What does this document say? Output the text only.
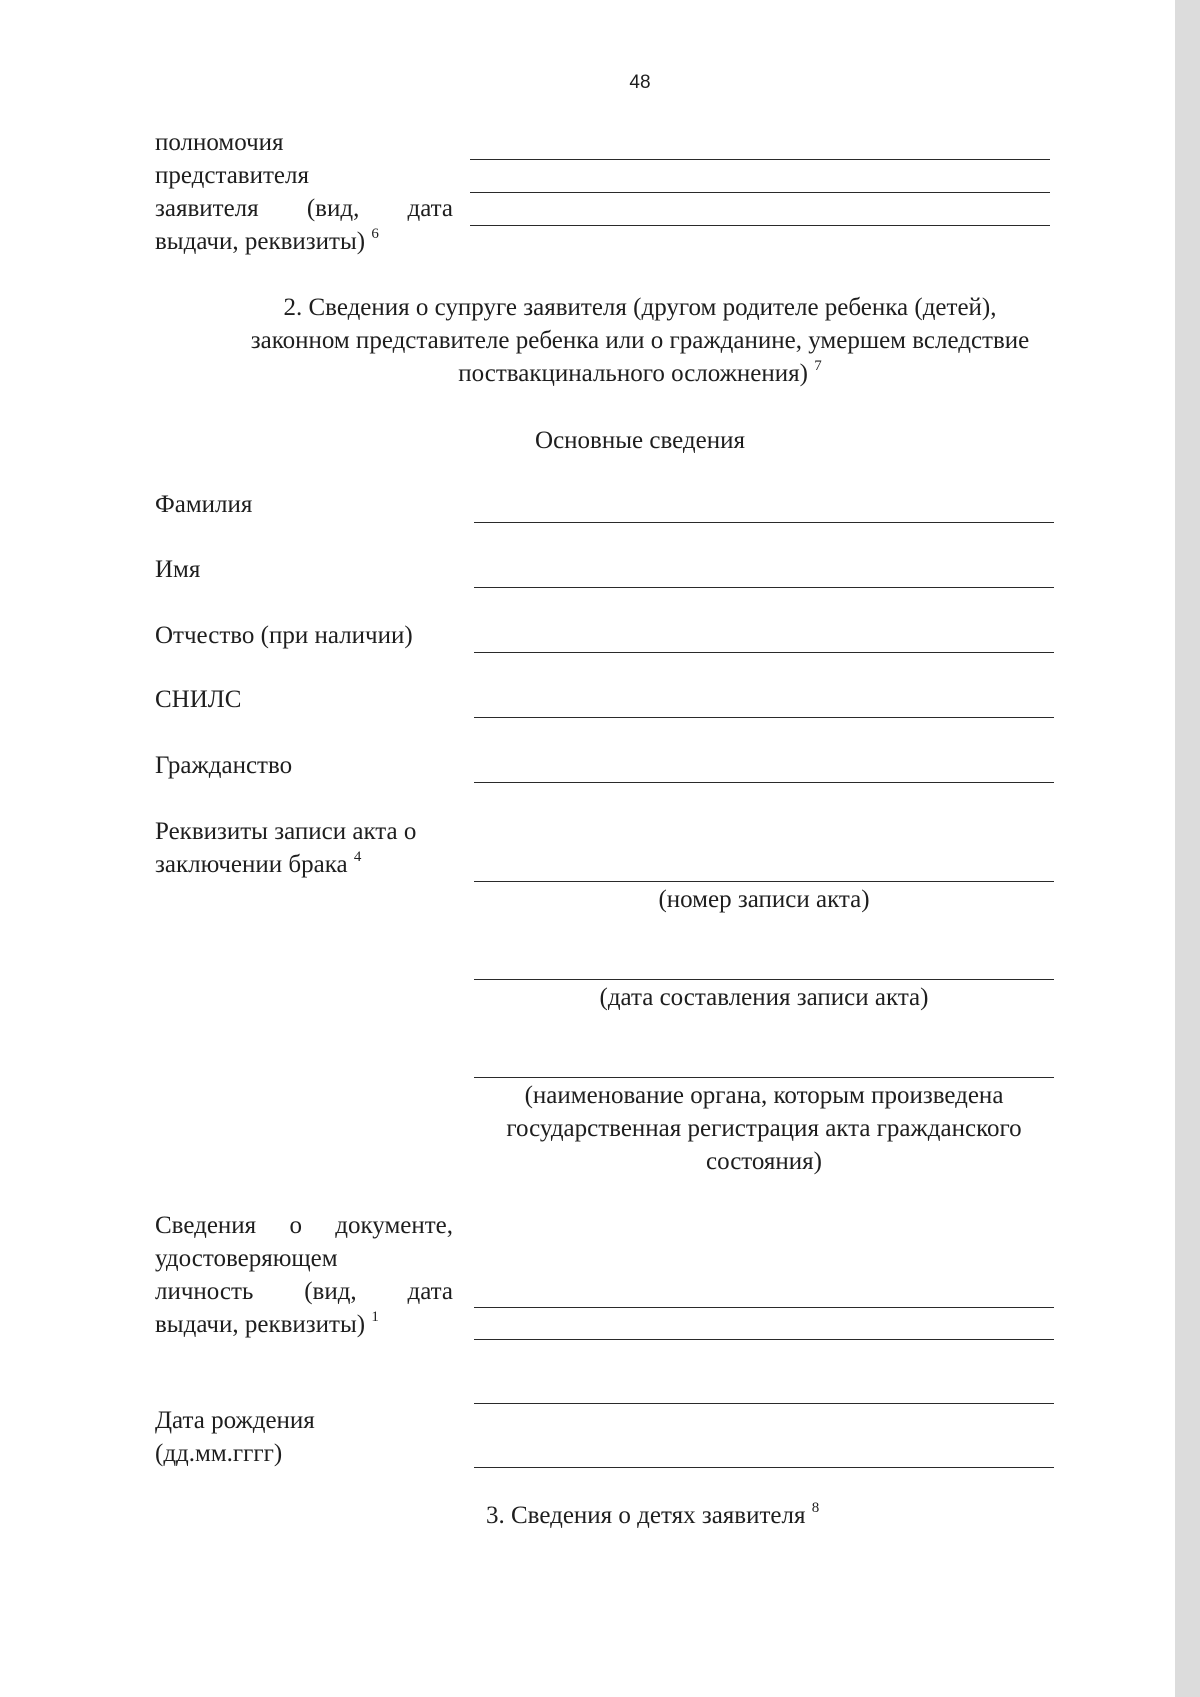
48
полномочия
представителя
заявителя (вид, дата
выдачи, реквизиты) $^6$
2. Сведения о супруге заявителя (другом родителе ребенка (детей),
законном представителе ребенка или о гражданине, умершем вследствие
поствакцинального осложнения) $^7$
Основные сведения
Фамилия
Имя
Отчество (при наличии)
СНИЛС
Гражданство
Реквизиты записи акта о
заключении брака $^4$
(номер записи акта)
(дата составления записи акта)
(наименование органа, которым произведена
государственная регистрация акта гражданского
состояния)
Сведения о документе,
удостоверяющем
личность (вид, дата
выдачи, реквизиты) $^1$
Дата рождения
(дд.мм.гггг)
3. Сведения о детях заявителя $^8$
